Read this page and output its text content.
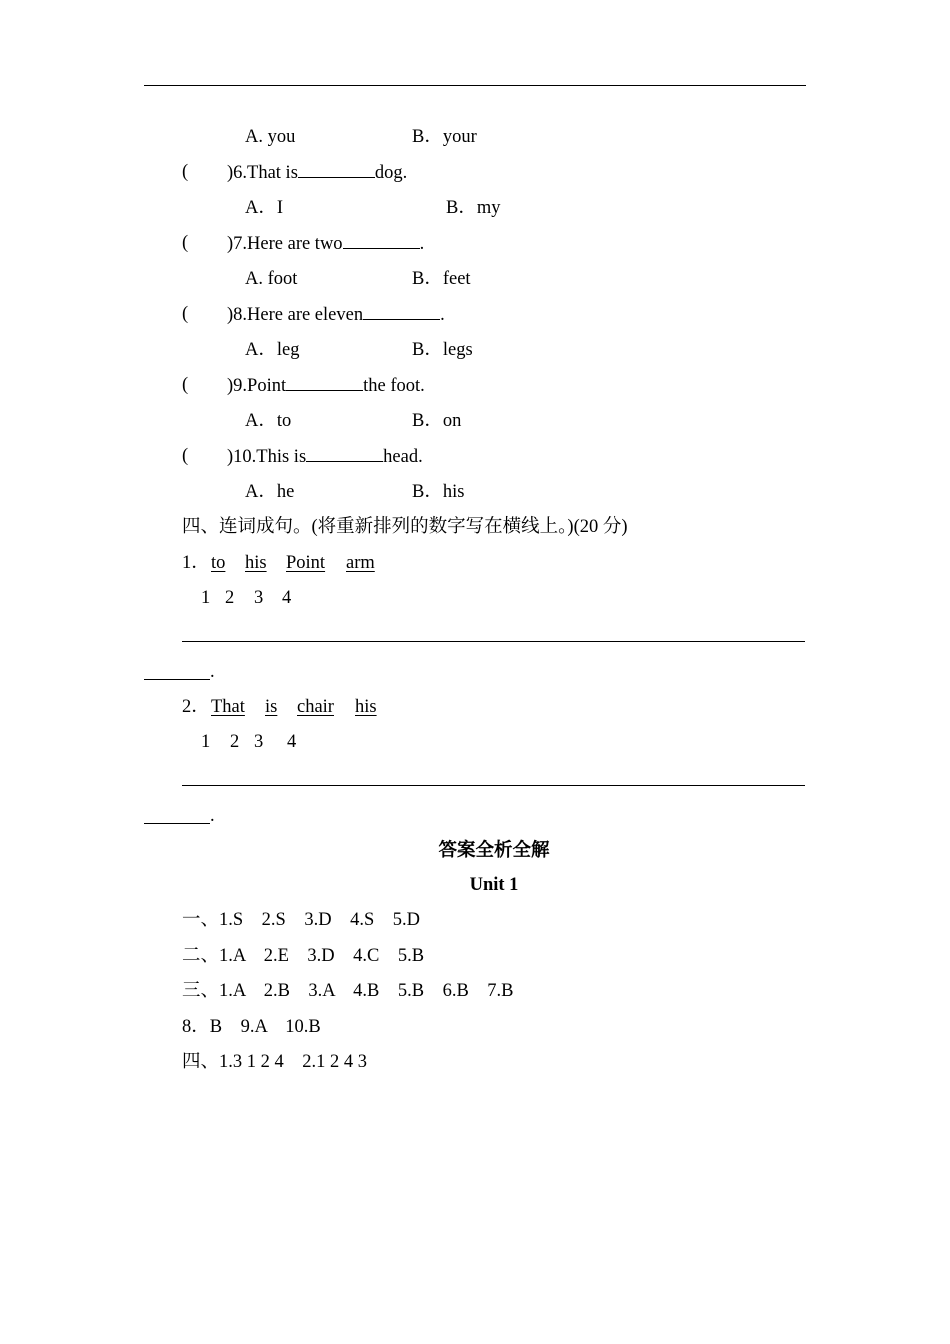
A. you	B．your
( )6.That is	dog.
A．I	B．my
( )7.Here are two	.
A. foot	B．feet
( )8.Here are eleven	.
A．leg	B．legs
( )9.Point	the foot.
A．to	B．on
( )10.This is	head.
A．he	B．his
四、连词成句。(将重新排列的数字写在横线上。)(20 分)
1． to his Point arm
1 2 3 4
.
2． That is chair his
1 2 3 4
.
答案全析全解
Unit 1
一、1.S　2.S　3.D　4.S　5.D
二、1.A　2.E　3.D　4.C　5.B
三、1.A　2.B　3.A　4.B　5.B　6.B　7.B
8．B　9.A　10.B
四、1.3 1 2 4　2.1 2 4 3
